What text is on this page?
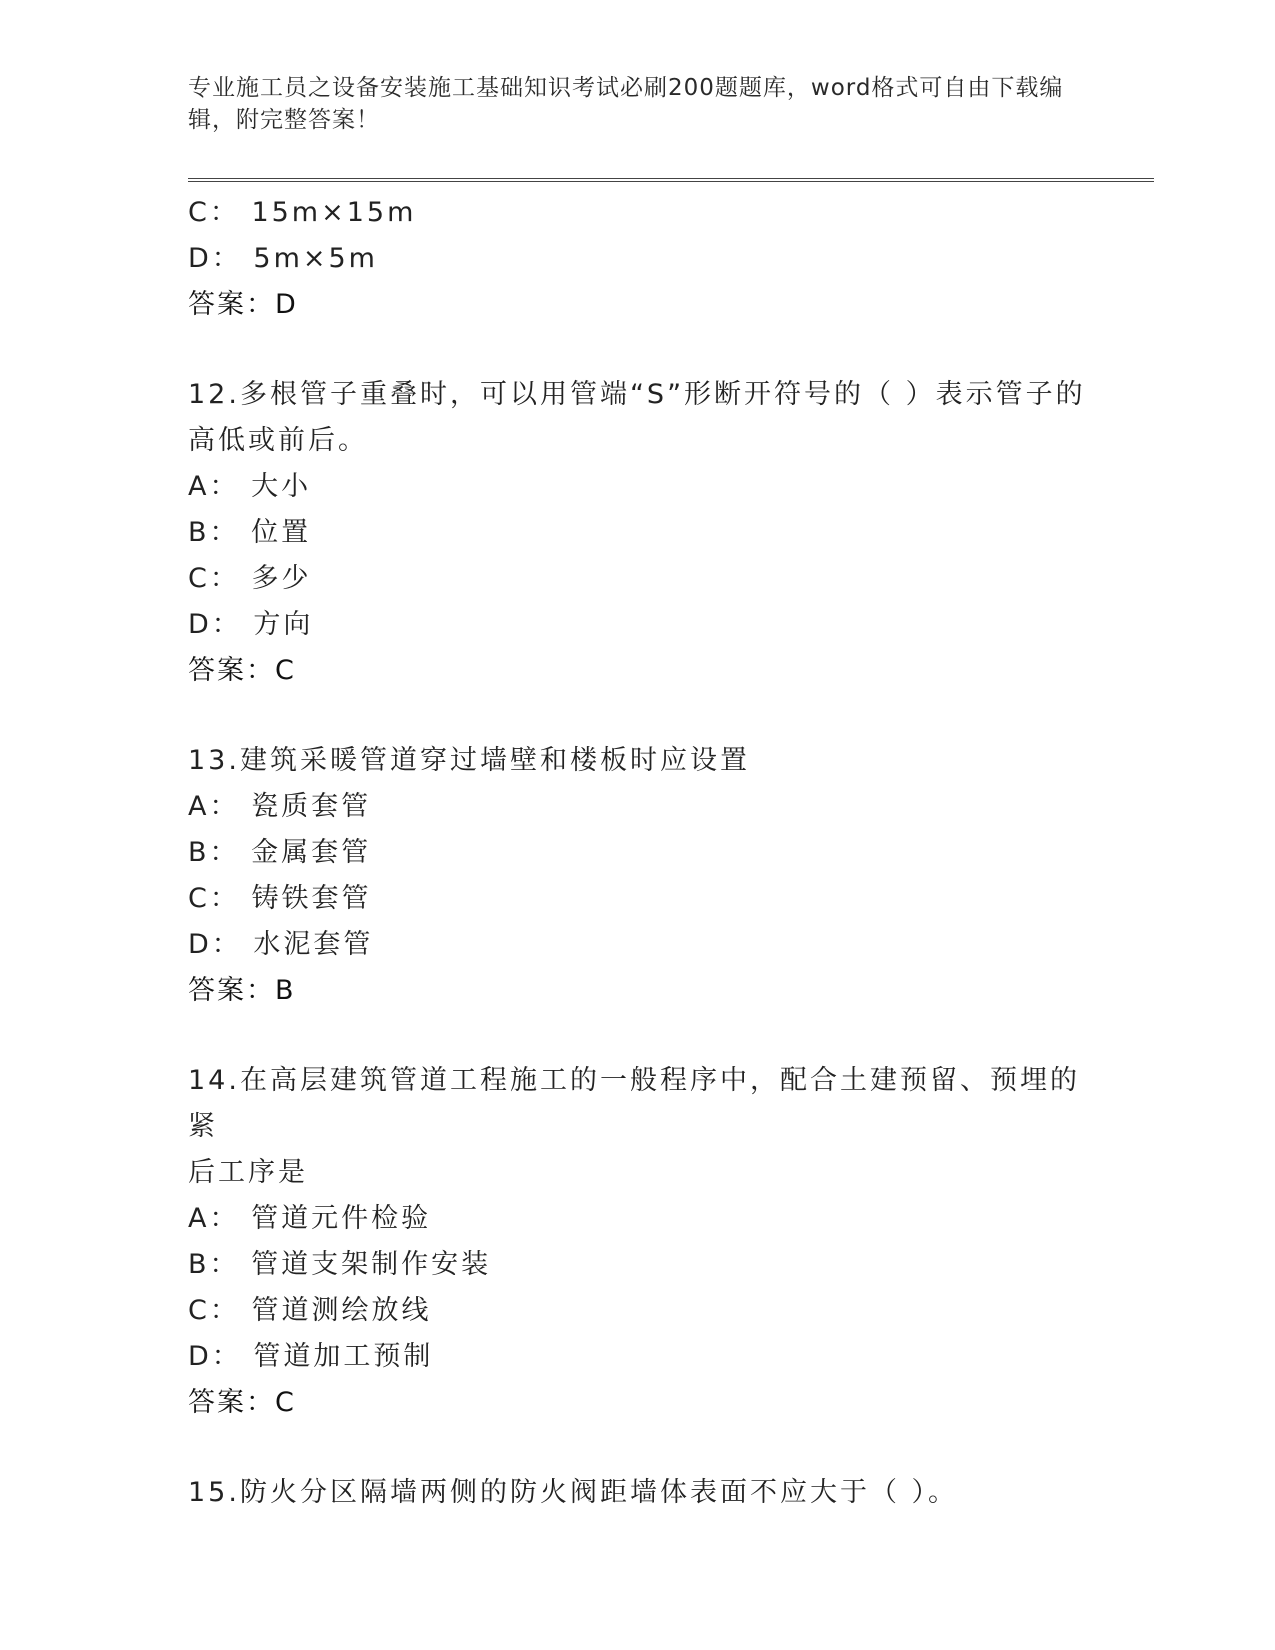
专业施工员之设备安装施工基础知识考试必刷200题题库，word格式可自由下载编辑，附完整答案！
C： 15m×15m
D： 5m×5m
答案：D
12.多根管子重叠时，可以用管端“S”形断开符号的（ ）表示管子的
高低或前后。
A： 大小
B： 位置
C： 多少
D： 方向
答案：C
13.建筑采暖管道穿过墙壁和楼板时应设置
A： 瓷质套管
B： 金属套管
C： 铸铁套管
D： 水泥套管
答案：B
14.在高层建筑管道工程施工的一般程序中，配合土建预留、预埋的紧
后工序是
A： 管道元件检验
B： 管道支架制作安装
C： 管道测绘放线
D： 管道加工预制
答案：C
15.防火分区隔墙两侧的防火阀距墙体表面不应大于（ ）。
